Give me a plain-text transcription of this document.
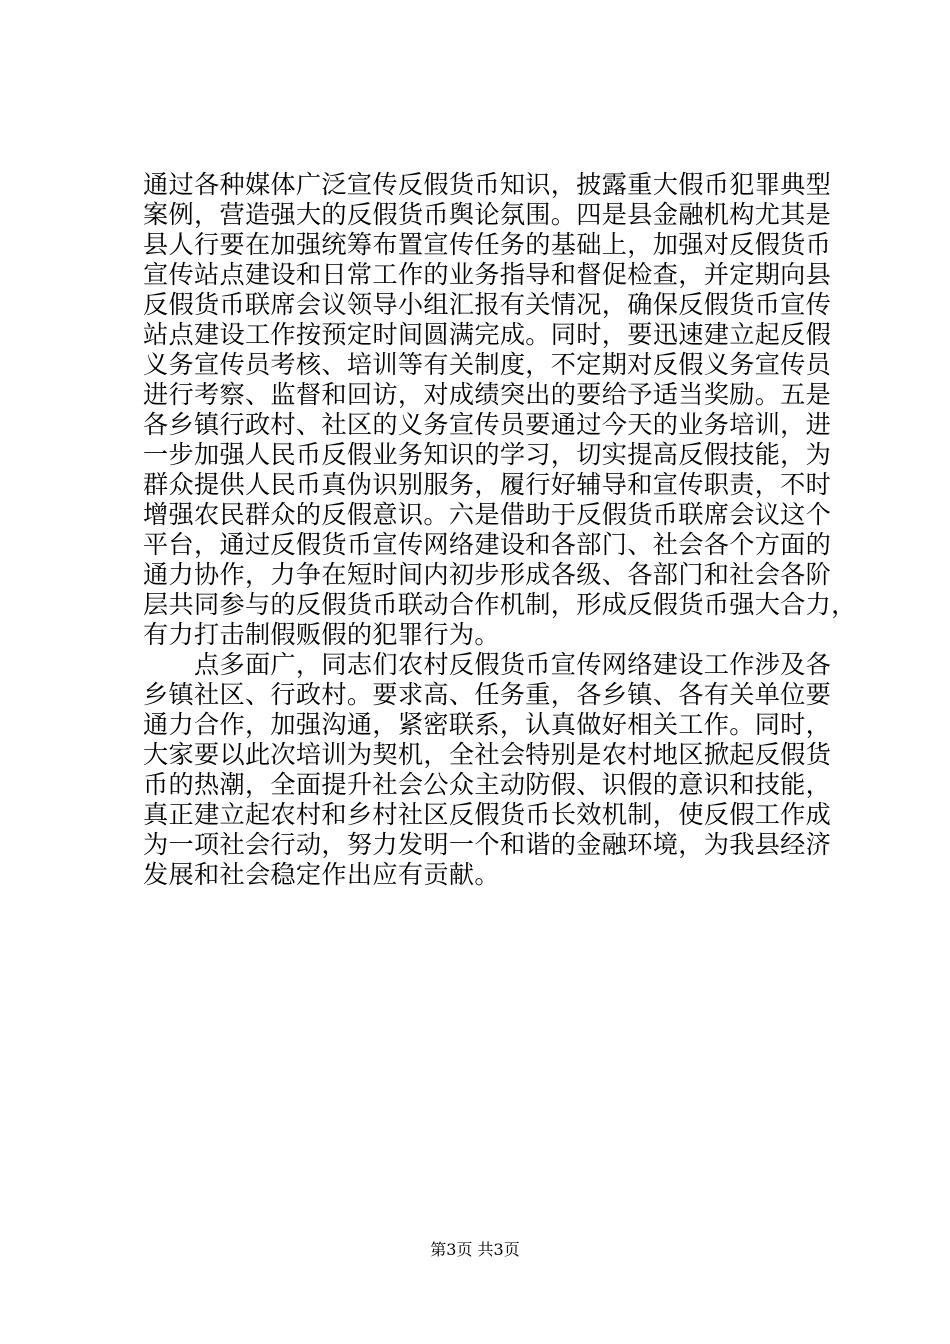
通过各种媒体广泛宣传反假货币知识，披露重大假币犯罪典型
案例，营造强大的反假货币舆论氛围。四是县金融机构尤其是
县人行要在加强统筹布置宣传任务的基础上，加强对反假货币
宣传站点建设和日常工作的业务指导和督促检查，并定期向县
反假货币联席会议领导小组汇报有关情况，确保反假货币宣传
站点建设工作按预定时间圆满完成。同时，要迅速建立起反假
义务宣传员考核、培训等有关制度，不定期对反假义务宣传员
进行考察、监督和回访，对成绩突出的要给予适当奖励。五是
各乡镇行政村、社区的义务宣传员要通过今天的业务培训，进
一步加强人民币反假业务知识的学习，切实提高反假技能，为
群众提供人民币真伪识别服务，履行好辅导和宣传职责，不时
增强农民群众的反假意识。六是借助于反假货币联席会议这个
平台，通过反假货币宣传网络建设和各部门、社会各个方面的
通力协作，力争在短时间内初步形成各级、各部门和社会各阶
层共同参与的反假货币联动合作机制，形成反假货币强大合力，
有力打击制假贩假的犯罪行为。
　　点多面广，同志们农村反假货币宣传网络建设工作涉及各
乡镇社区、行政村。要求高、任务重，各乡镇、各有关单位要
通力合作，加强沟通，紧密联系，认真做好相关工作。同时，
大家要以此次培训为契机，全社会特别是农村地区掀起反假货
币的热潮，全面提升社会公众主动防假、识假的意识和技能，
真正建立起农村和乡村社区反假货币长效机制，使反假工作成
为一项社会行动，努力发明一个和谐的金融环境，为我县经济
发展和社会稳定作出应有贡献。
第3页 共3页
